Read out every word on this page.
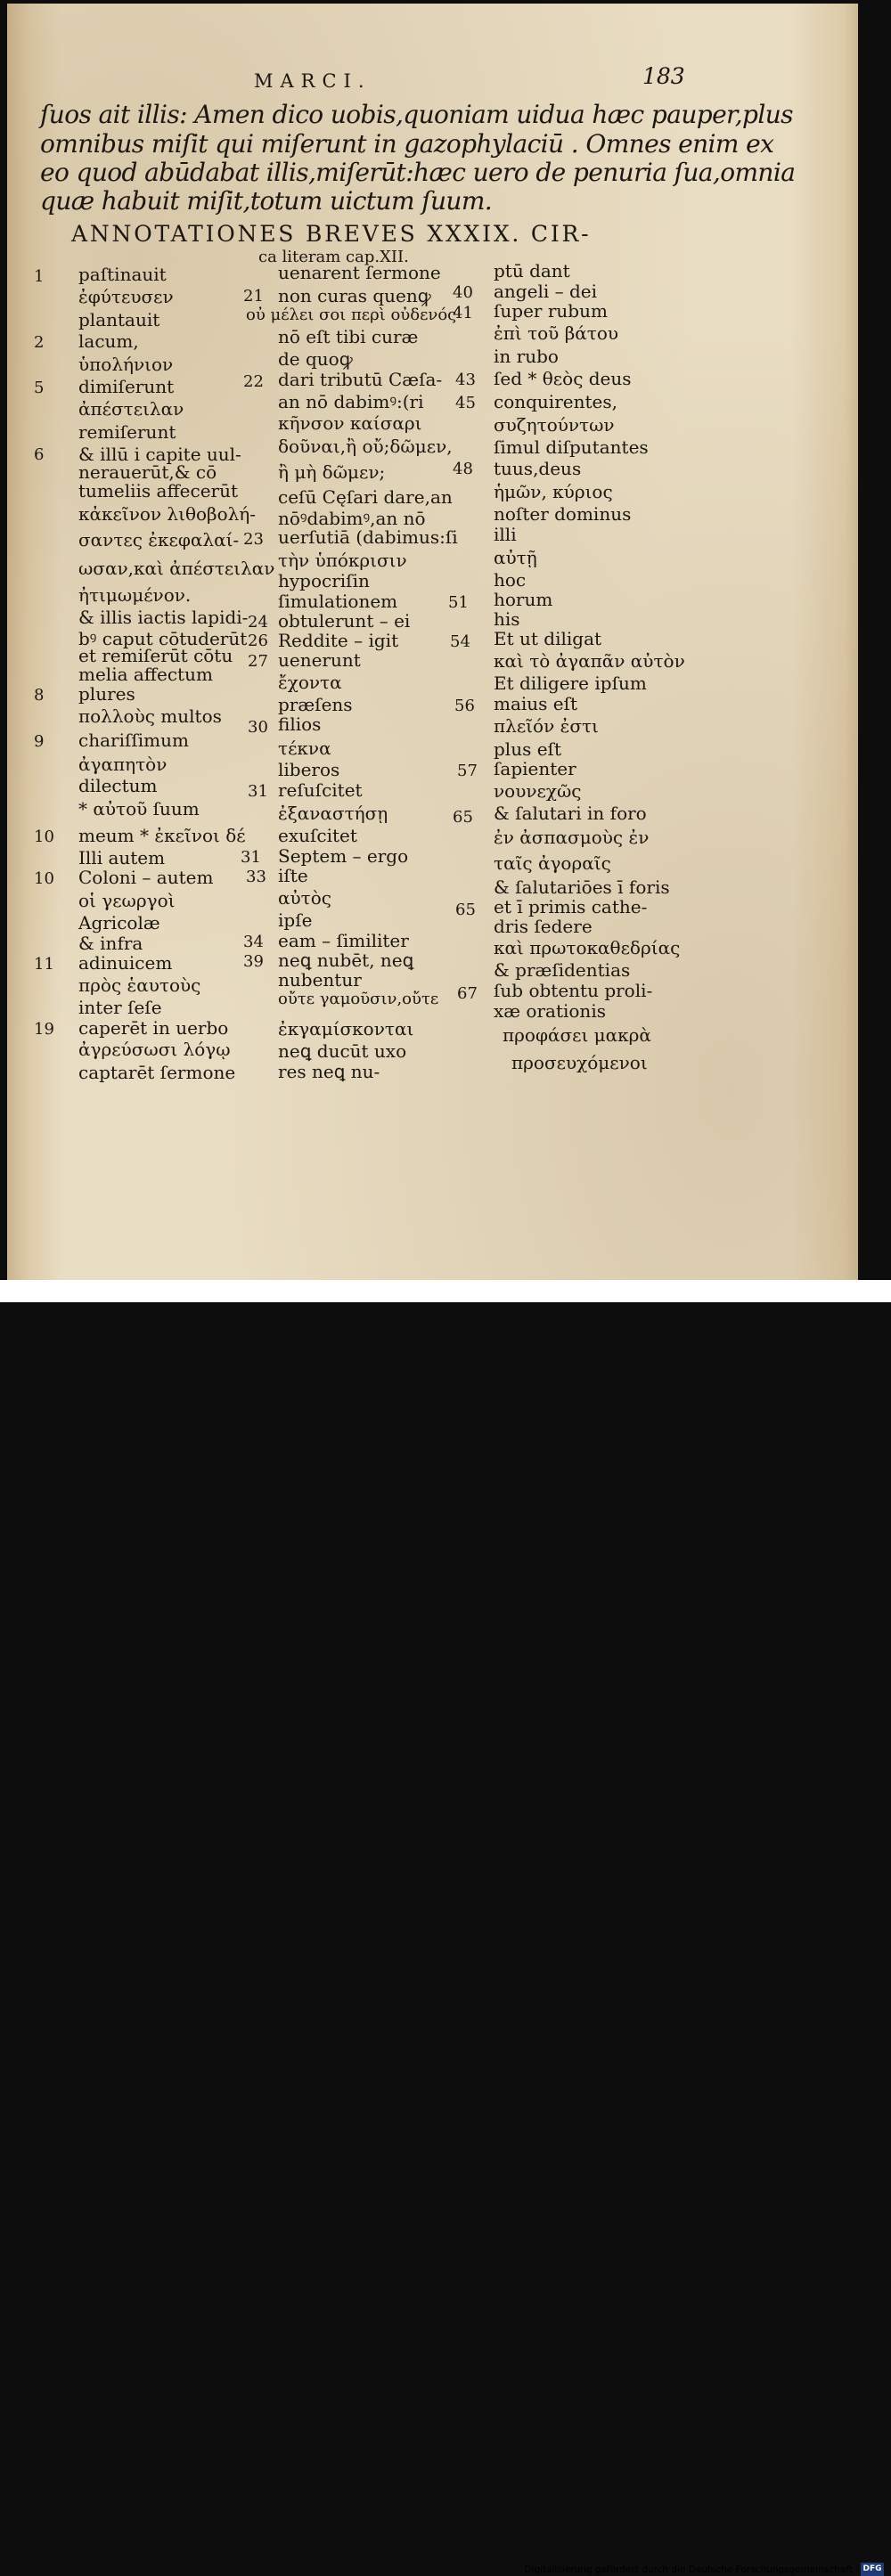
MARCI.	183
ſuos ait illis: Amen dico uobis,quoniam uidua hæc pauper,plus
omnibus miſit qui miſerunt in gazophylaciū . Omnes enim ex
eo quod abūdabat illis,miſerūt:hæc uero de penuria ſua,omnia
quæ habuit miſit,totum uictum ſuum.
ANNOTATIONES BREVES XXXIX. CIR-
ca literam cap.XII.
paſtinauit
ἐφύτευσεν
plantauit
lacum,
ὑπολήνιον
dimiſerunt
ἀπέστειλαν
remiſerunt
& illū i capite uul-
nerauerūt,& cō
tumeliis affecerūt
κἀκεῖνον λιθοβολή-
σαντες ἐκεφαλαί-
ωσαν,καὶ ἀπέστειλαν
ἠτιμωμένον.
& illis iactis lapidi-
bꝰ caput cōtuderūt
et remiſerūt cōtu
melia affectum
plures
πολλοὺς multos
chariſſimum
ἀγαπητὸν
dilectum
* αὐτοῦ ſuum
meum * ἐκεῖνοι δέ
Illi autem
Coloni – autem
οἱ γεωργοὶ
Agricolæ
& infra
adinuicem
πρὸς ἑαυτοὺς
inter ſeſe
caperēt in uerbo
ἀγρεύσωσι λόγῳ
captarēt ſermone
1
2
5
6
8
9
10
10
11
19
uenarent ſermone
non curas quenꝙ
οὐ μέλει σοι περὶ οὐδενός
nō eſt tibi curæ
de quoꝙ
dari tributū Cæſa-
an nō dabimꝰ:(ri
κῆνσον καίσαρι
δοῦναι,ἢ οὔ;δῶμεν,
ἢ μὴ δῶμεν;
ceſū Cęſari dare,an
nōꝰdabimꝰ,an nō
uerſutiā (dabimus:ſi
τὴν ὑπόκρισιν
hypocriſin
ſimulationem
obtulerunt – ei
Reddite – igit
uenerunt
ἔχοντα
præſens
filios
τέκνα
liberos
reſuſcitet
ἐξαναστήσῃ
exuſcitet
Septem – ergo
iſte
αὐτὸς
ipſe
eam – ſimiliter
neꝗ nubēt, neꝗ
nubentur
οὔτε γαμοῦσιν,οὔτε
ἐκγαμίσκονται
neꝗ ducūt uxo
res neꝗ nu-
21
22
23
24
26
27
30
31
31
33
34
39
40
41
43
45
48
51
54
56
57
65
65
67
ptū dant
angeli – dei
ſuper rubum
ἐπὶ τοῦ βάτου
in rubo
ſed * θεὸς deus
conquirentes,
συζητούντων
ſimul diſputantes
tuus,deus
ἡμῶν, κύριος
noſter dominus
illi
αὐτῇ
hoc
horum
his
Et ut diligat
καὶ τὸ ἀγαπᾶν αὐτὸν
Et diligere ipſum
maius eſt
πλεῖόν ἐστι
plus eſt
ſapienter
νουνεχῶς
& ſalutari in foro
ἐν ἀσπασμοὺς ἐν
ταῖς ἀγοραῖς
& ſalutariōes ī foris
et ī primis cathe-
dris ſedere
καὶ πρωτοκαθεδρίας
& præſidentias
ſub obtentu proli-
xæ orationis
προφάσει μακρὰ
προσευχόμενοι
Digitalisierung gefördert durch die Deutsche Forschungsgemeinschaft - DFG
